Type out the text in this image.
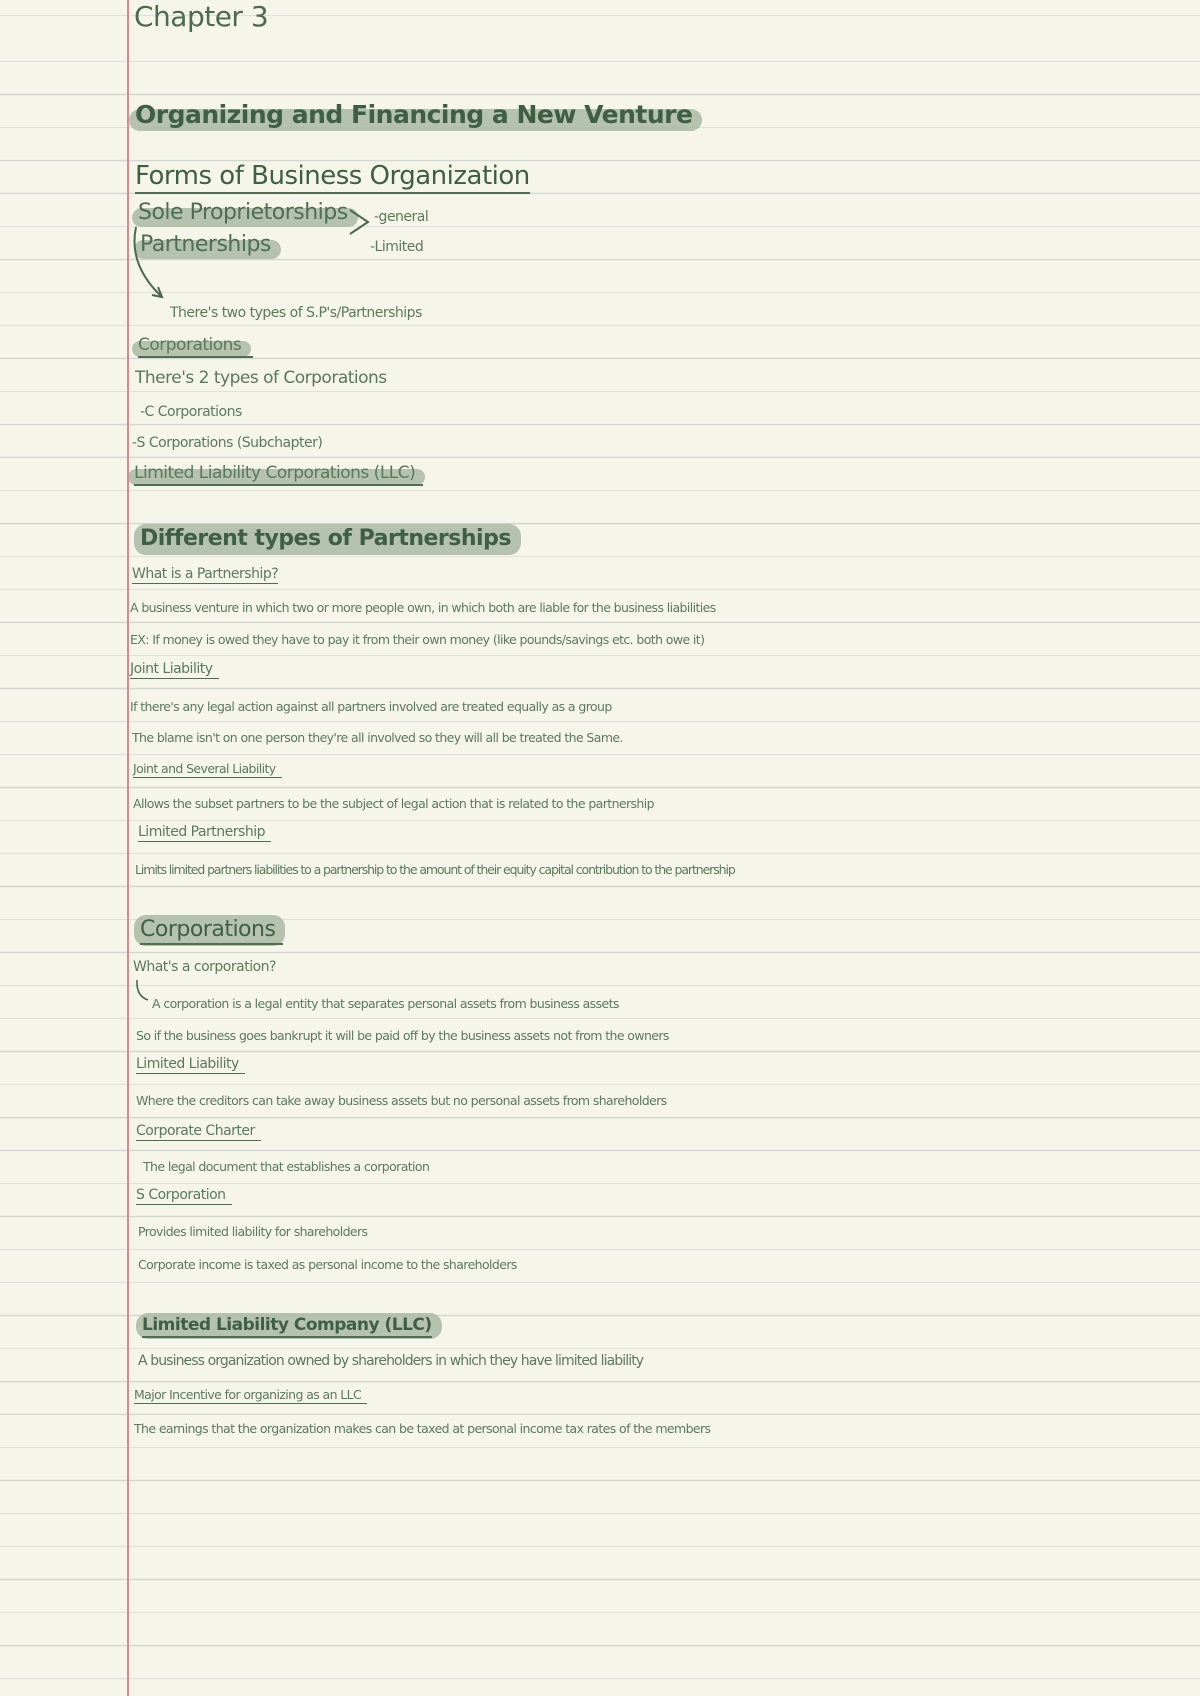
Chapter 3
Organizing and Financing a New Venture
Forms of Business Organization
Sole Proprietorships
Partnerships
-general
-Limited
There's two types of S.P's/Partnerships
Corporations
There's 2 types of Corporations
-C Corporations
-S Corporations (Subchapter)
Limited Liability Corporations (LLC)
Different types of Partnerships
What is a Partnership?
A business venture in which two or more people own, in which both are liable for the business liabilities
EX: If money is owed they have to pay it from their own money (like pounds/savings etc. both owe it)
Joint Liability
If there's any legal action against all partners involved are treated equally as a group
The blame isn't on one person they're all involved so they will all be treated the Same.
Joint and Several Liability
Allows the subset partners to be the subject of legal action that is related to the partnership
Limited Partnership
Limits limited partners liabilities to a partnership to the amount of their equity capital contribution to the partnership
Corporations
What's a corporation?
A corporation is a legal entity that separates personal assets from business assets
So if the business goes bankrupt it will be paid off by the business assets not from the owners
Limited Liability
Where the creditors can take away business assets but no personal assets from shareholders
Corporate Charter
The legal document that establishes a corporation
S Corporation
Provides limited liability for shareholders
Corporate income is taxed as personal income to the shareholders
Limited Liability Company (LLC)
A business organization owned by shareholders in which they have limited liability
Major Incentive for organizing as an LLC
The earnings that the organization makes can be taxed at personal income tax rates of the members
